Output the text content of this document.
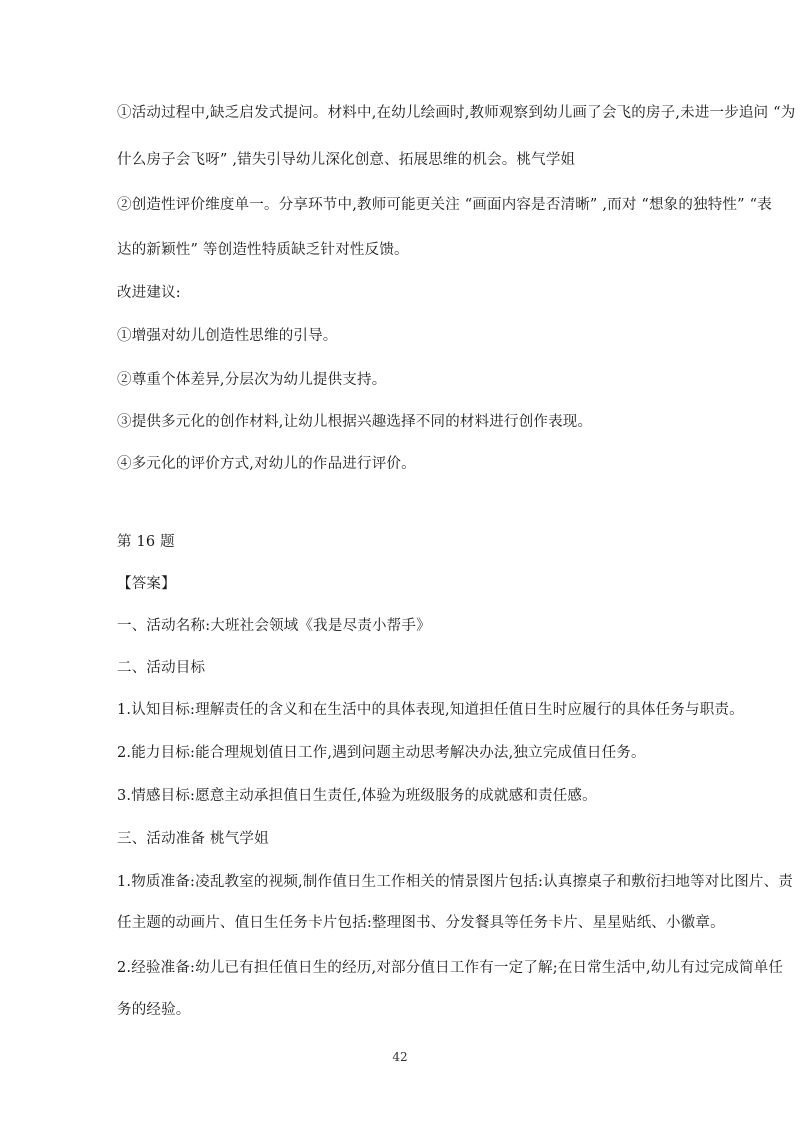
①活动过程中,缺乏启发式提问。材料中,在幼儿绘画时,教师观察到幼儿画了会飞的房子,未进一步追问 “为
什么房子会飞呀” ,错失引导幼儿深化创意、拓展思维的机会。桃气学姐
②创造性评价维度单一。分享环节中,教师可能更关注 “画面内容是否清晰” ,而对 “想象的独特性” “表
达的新颖性” 等创造性特质缺乏针对性反馈。
改进建议:
①增强对幼儿创造性思维的引导。
②尊重个体差异,分层次为幼儿提供支持。
③提供多元化的创作材料,让幼儿根据兴趣选择不同的材料进行创作表现。
④多元化的评价方式,对幼儿的作品进行评价。
第 16 题
【答案】
一、活动名称:大班社会领域《我是尽责小帮手》
二、活动目标
1.认知目标:理解责任的含义和在生活中的具体表现,知道担任值日生时应履行的具体任务与职责。
2.能力目标:能合理规划值日工作,遇到问题主动思考解决办法,独立完成值日任务。
3.情感目标:愿意主动承担值日生责任,体验为班级服务的成就感和责任感。
三、活动准备 桃气学姐
1.物质准备:凌乱教室的视频,制作值日生工作相关的情景图片包括:认真擦桌子和敷衍扫地等对比图片、责
任主题的动画片、值日生任务卡片包括:整理图书、分发餐具等任务卡片、星星贴纸、小徽章。
2.经验准备:幼儿已有担任值日生的经历,对部分值日工作有一定了解;在日常生活中,幼儿有过完成简单任
务的经验。
42
